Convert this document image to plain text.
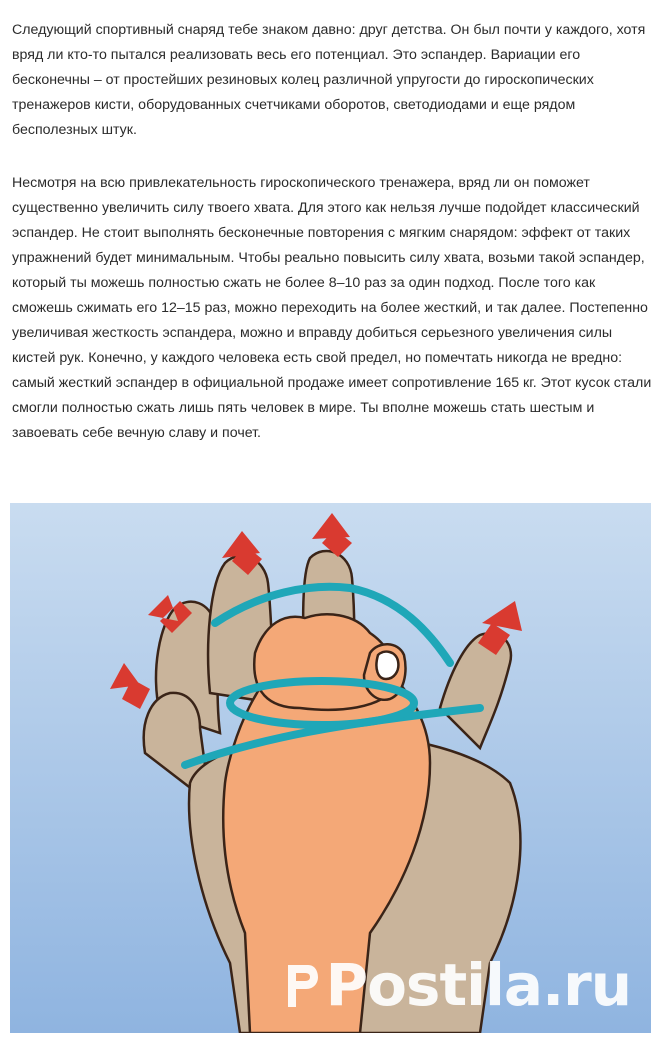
Следующий спортивный снаряд тебе знаком давно: друг детства. Он был почти у каждого, хотя вряд ли кто-то пытался реализовать весь его потенциал. Это эспандер. Вариации его бесконечны – от простейших резиновых колец различной упругости до гироскопических тренажеров кисти, оборудованных счетчиками оборотов, светодиодами и еще рядом бесполезных штук.

Несмотря на всю привлекательность гироскопического тренажера, вряд ли он поможет существенно увеличить силу твоего хвата. Для этого как нельзя лучше подойдет классический эспандер. Не стоит выполнять бесконечные повторения с мягким снарядом: эффект от таких упражнений будет минимальным. Чтобы реально повысить силу хвата, возьми такой эспандер, который ты можешь полностью сжать не более 8–10 раз за один подход. После того как сможешь сжимать его 12–15 раз, можно переходить на более жесткий, и так далее. Постепенно увеличивая жесткость эспандера, можно и вправду добиться серьезного увеличения силы кистей рук. Конечно, у каждого человека есть свой предел, но помечтать никогда не вредно: самый жесткий эспандер в официальной продаже имеет сопротивление 165 кг. Этот кусок стали смогли полностью сжать лишь пять человек в мире. Ты вполне можешь стать шестым и завоевать себе вечную славу и почет.

Postila.ru
